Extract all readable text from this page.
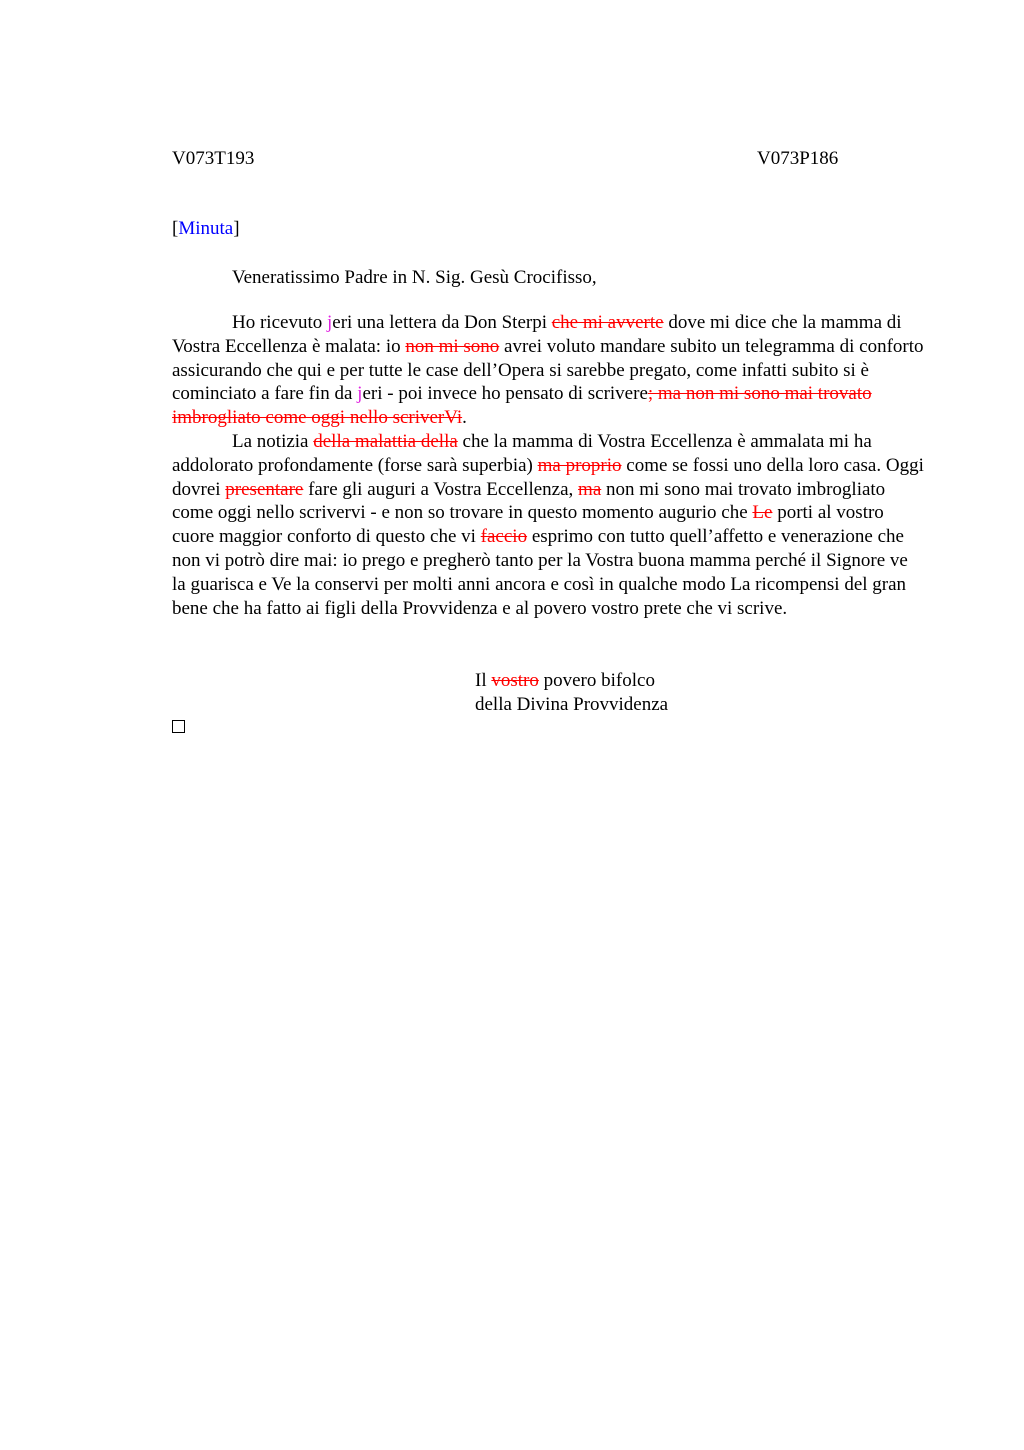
V073T193	V073P186
[Minuta]
Veneratissimo Padre in N. Sig. Gesù Crocifisso,

Ho ricevuto jeri una lettera da Don Sterpi che mi avverte dove mi dice che la mamma di Vostra Eccellenza è malata: io non mi sono avrei voluto mandare subito un telegramma di conforto assicurando che qui e per tutte le case dell’Opera si sarebbe pregato, come infatti subito si è cominciato a fare fin da jeri - poi invece ho pensato di scrivere; ma non mi sono mai trovato imbrogliato come oggi nello scriverVi.

La notizia della malattia della che la mamma di Vostra Eccellenza è ammalata mi ha addolorato profondamente (forse sarà superbia) ma proprio come se fossi uno della loro casa. Oggi dovrei presentare fare gli auguri a Vostra Eccellenza, ma non mi sono mai trovato imbrogliato come oggi nello scrivervi - e non so trovare in questo momento augurio che Le porti al vostro cuore maggior conforto di questo che vi faccio esprimo con tutto quell’affetto e venerazione che non vi potrò dire mai: io prego e pregherò tanto per la Vostra buona mamma perché il Signore ve la guarisca e Ve la conservi per molti anni ancora e così in qualche modo La ricompensi del gran bene che ha fatto ai figli della Provvidenza e al povero vostro prete che vi scrive.

Il vostro povero bifolco
della Divina Provvidenza
